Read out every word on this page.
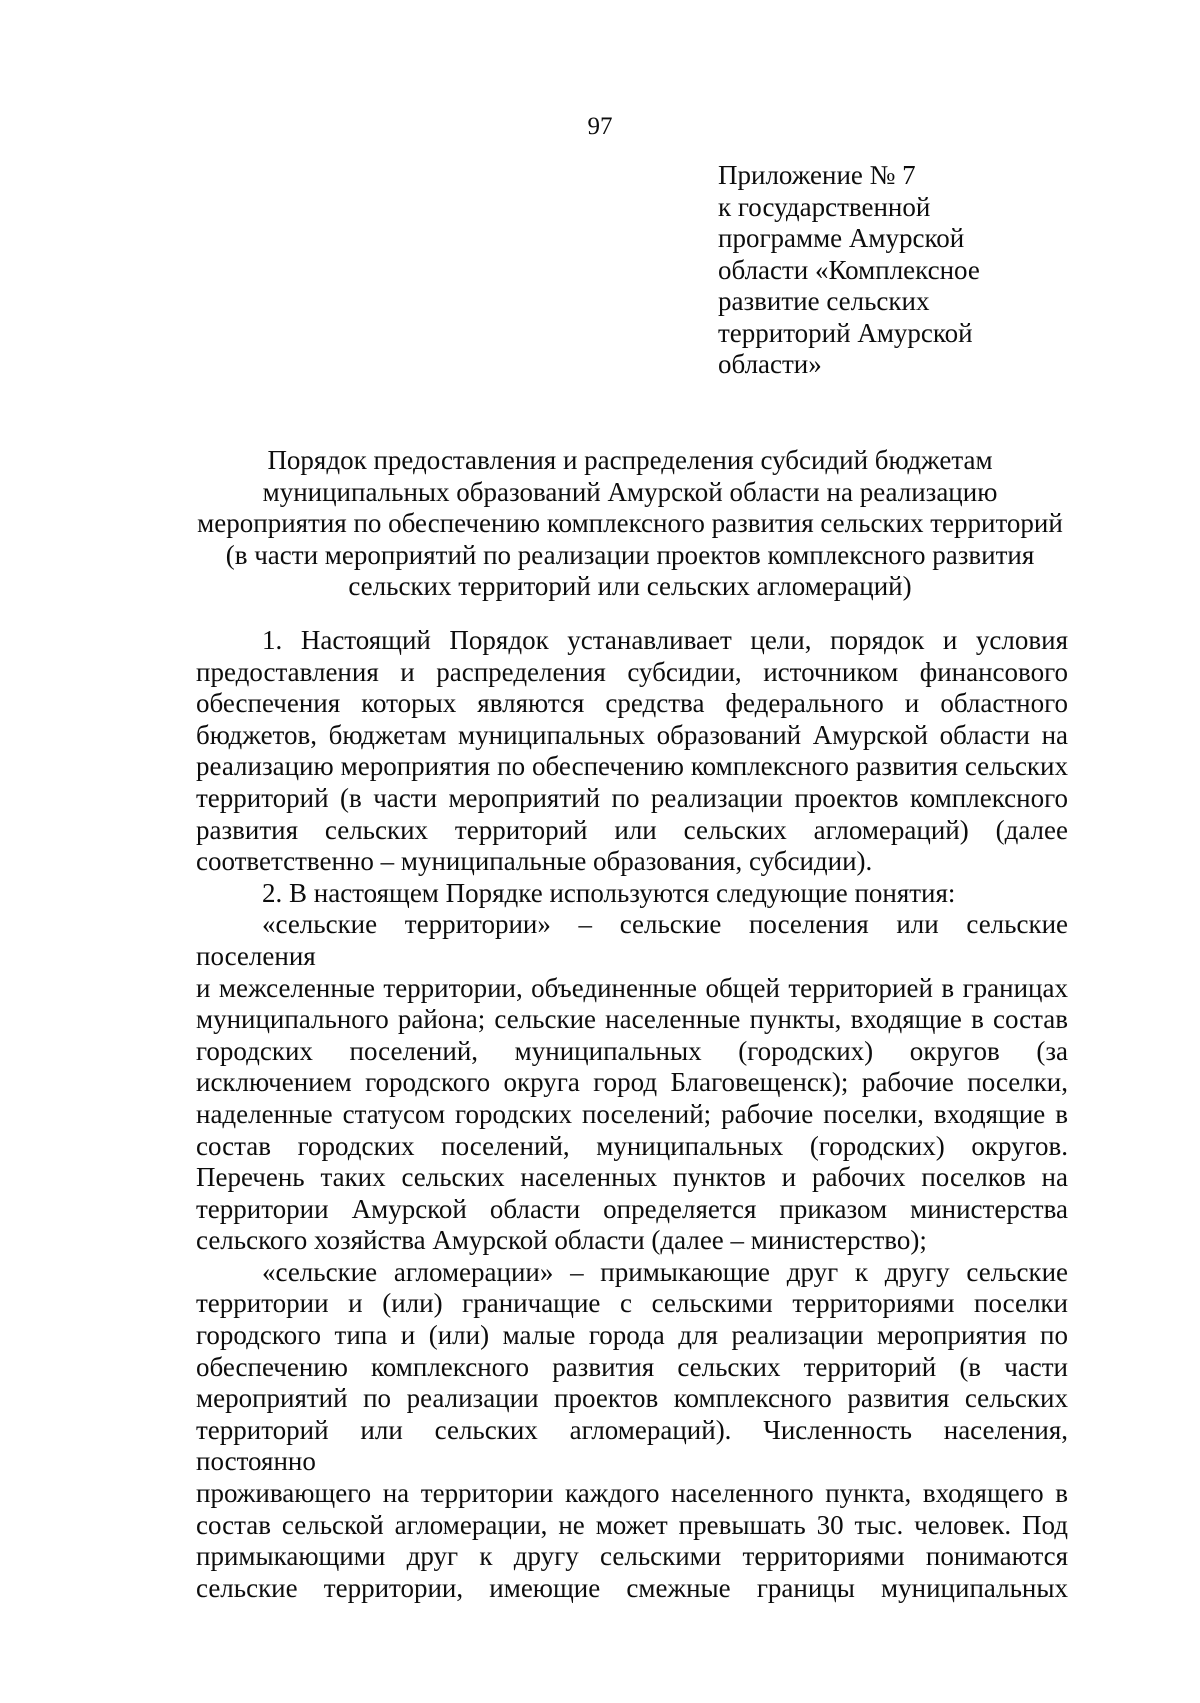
97
Приложение № 7
к государственной
программе Амурской
области «Комплексное
развитие сельских
территорий Амурской
области»
Порядок предоставления и распределения субсидий бюджетам
муниципальных образований Амурской области на реализацию
мероприятия по обеспечению комплексного развития сельских территорий
(в части мероприятий по реализации проектов комплексного развития
сельских территорий или сельских агломераций)
1. Настоящий Порядок устанавливает цели, порядок и условия
предоставления и распределения субсидии, источником финансового
обеспечения которых являются средства федерального и областного
бюджетов, бюджетам муниципальных образований Амурской области на
реализацию мероприятия по обеспечению комплексного развития сельских
территорий (в части мероприятий по реализации проектов комплексного
развития сельских территорий или сельских агломераций) (далее
соответственно – муниципальные образования, субсидии).
2. В настоящем Порядке используются следующие понятия:
«сельские территории» – сельские поселения или сельские поселения
и межселенные территории, объединенные общей территорией в границах
муниципального района; сельские населенные пункты, входящие в состав
городских поселений, муниципальных (городских) округов (за
исключением городского округа город Благовещенск); рабочие поселки,
наделенные статусом городских поселений; рабочие поселки, входящие в
состав городских поселений, муниципальных (городских) округов.
Перечень таких сельских населенных пунктов и рабочих поселков на
территории Амурской области определяется приказом министерства
сельского хозяйства Амурской области (далее – министерство);
«сельские агломерации» – примыкающие друг к другу сельские
территории и (или) граничащие с сельскими территориями поселки
городского типа и (или) малые города для реализации мероприятия по
обеспечению комплексного развития сельских территорий (в части
мероприятий по реализации проектов комплексного развития сельских
территорий или сельских агломераций). Численность населения, постоянно
проживающего на территории каждого населенного пункта, входящего в
состав сельской агломерации, не может превышать 30 тыс. человек. Под
примыкающими друг к другу сельскими территориями понимаются
сельские территории, имеющие смежные границы муниципальных
